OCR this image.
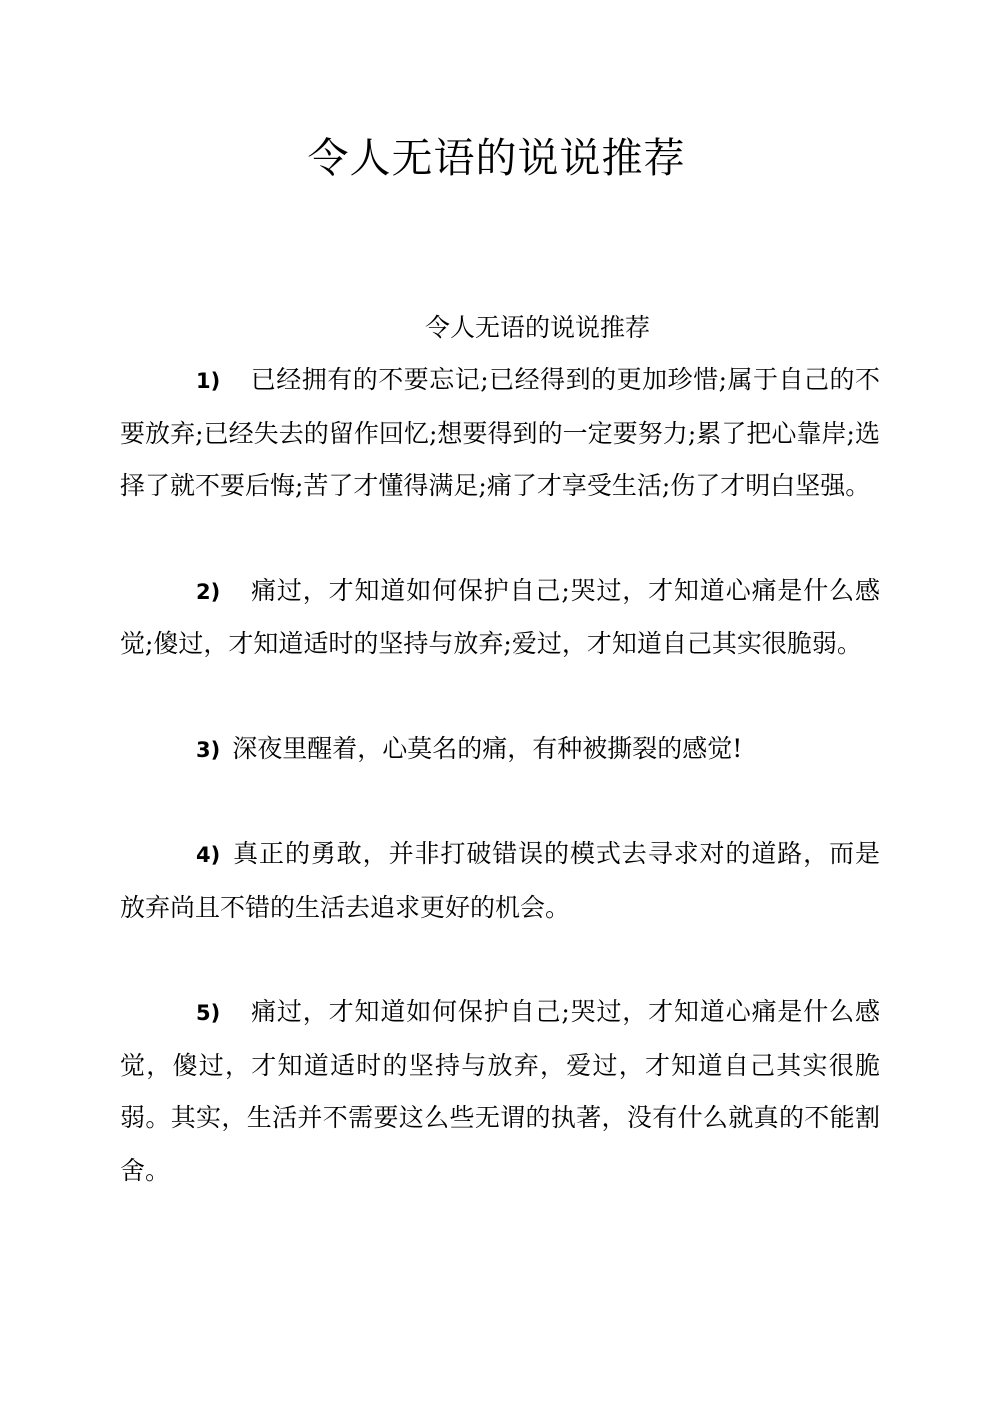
令人无语的说说推荐
令人无语的说说推荐

1) 已经拥有的不要忘记;已经得到的更加珍惜;属于自己的不要放弃;已经失去的留作回忆;想要得到的一定要努力;累了把心靠岸;选择了就不要后悔;苦了才懂得满足;痛了才享受生活;伤了才明白坚强。

2) 痛过，才知道如何保护自己;哭过，才知道心痛是什么感觉;傻过，才知道适时的坚持与放弃;爱过，才知道自己其实很脆弱。

3) 深夜里醒着，心莫名的痛，有种被撕裂的感觉!

4) 真正的勇敢，并非打破错误的模式去寻求对的道路，而是放弃尚且不错的生活去追求更好的机会。

5) 痛过，才知道如何保护自己;哭过，才知道心痛是什么感觉，傻过，才知道适时的坚持与放弃，爱过，才知道自己其实很脆弱。其实，生活并不需要这么些无谓的执著，没有什么就真的不能割舍。
